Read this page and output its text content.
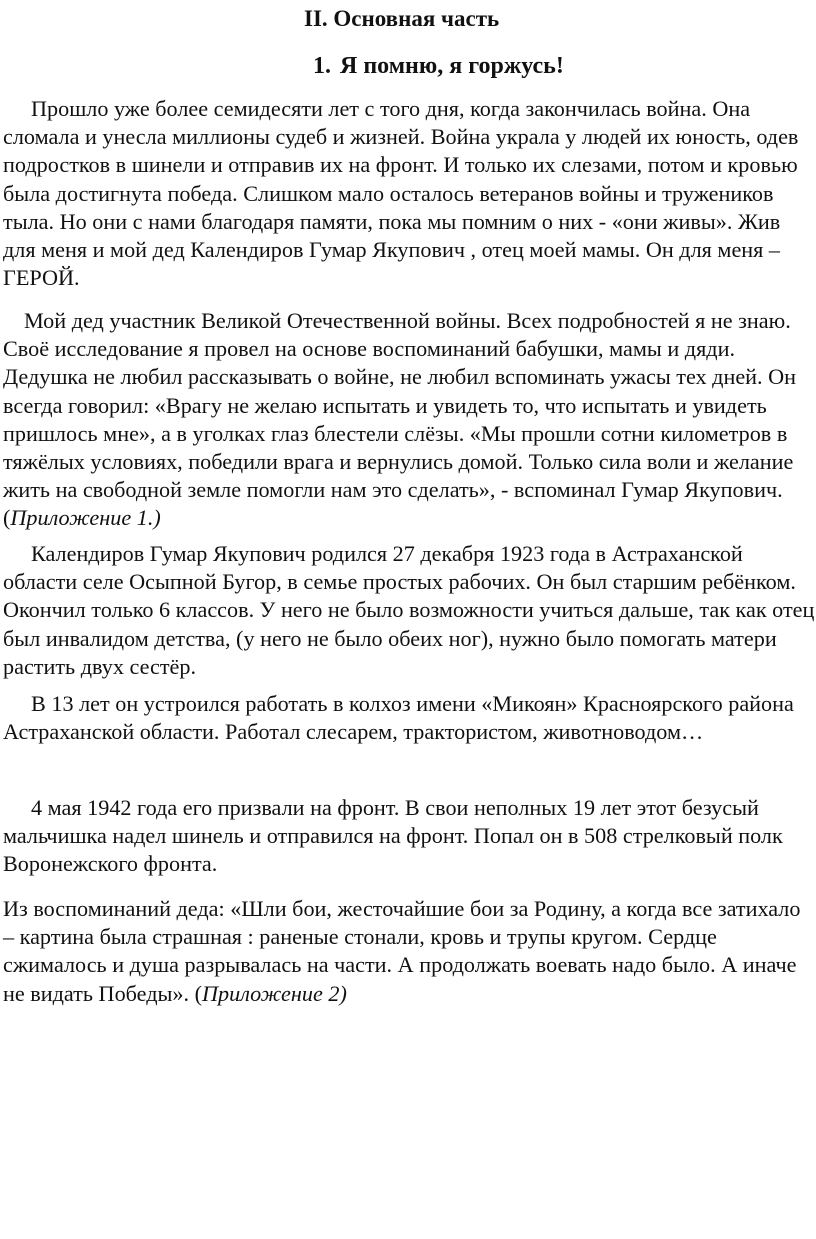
II. Основная часть
1. Я помню, я горжусь!

Прошло уже более семидесяти лет с того дня, когда закончилась война. Она сломала и унесла миллионы судеб и жизней. Война украла у людей их юность, одев подростков в шинели и отправив их на фронт. И только их слезами, потом и кровью была достигнута победа. Слишком мало осталось ветеранов войны и тружеников тыла. Но они с нами благодаря памяти, пока мы помним о них - «они живы». Жив для меня и мой дед Календиров Гумар Якупович , отец моей мамы. Он для меня – ГЕРОЙ.

Мой дед участник Великой Отечественной войны. Всех подробностей я не знаю. Своё исследование я провел на основе воспоминаний бабушки, мамы и дяди. Дедушка не любил рассказывать о войне, не любил вспоминать ужасы тех дней. Он всегда говорил: «Врагу не желаю испытать и увидеть то, что испытать и увидеть пришлось мне», а в уголках глаз блестели слёзы. «Мы прошли сотни километров в тяжёлых условиях, победили врага и вернулись домой. Только сила воли и желание жить на свободной земле помогли нам это сделать», - вспоминал Гумар Якупович. (Приложение 1.)

Календиров Гумар Якупович родился 27 декабря 1923 года в Астраханской области селе Осыпной Бугор, в семье простых рабочих. Он был старшим ребёнком. Окончил только 6 классов. У него не было возможности учиться дальше, так как отец был инвалидом детства, (у него не было обеих ног), нужно было помогать матери растить двух сестёр.

В 13 лет он устроился работать в колхоз имени «Микоян» Красноярского района Астраханской области. Работал слесарем, трактористом, животноводом…

4 мая 1942 года его призвали на фронт. В свои неполных 19 лет этот безусый мальчишка надел шинель и отправился на фронт. Попал он в 508 стрелковый полк Воронежского фронта.

Из воспоминаний деда: «Шли бои, жесточайшие бои за Родину, а когда все затихало – картина была страшная : раненые стонали, кровь и трупы кругом. Сердце сжималось и душа разрывалась на части. А продолжать воевать надо было. А иначе не видать Победы». (Приложение 2)
